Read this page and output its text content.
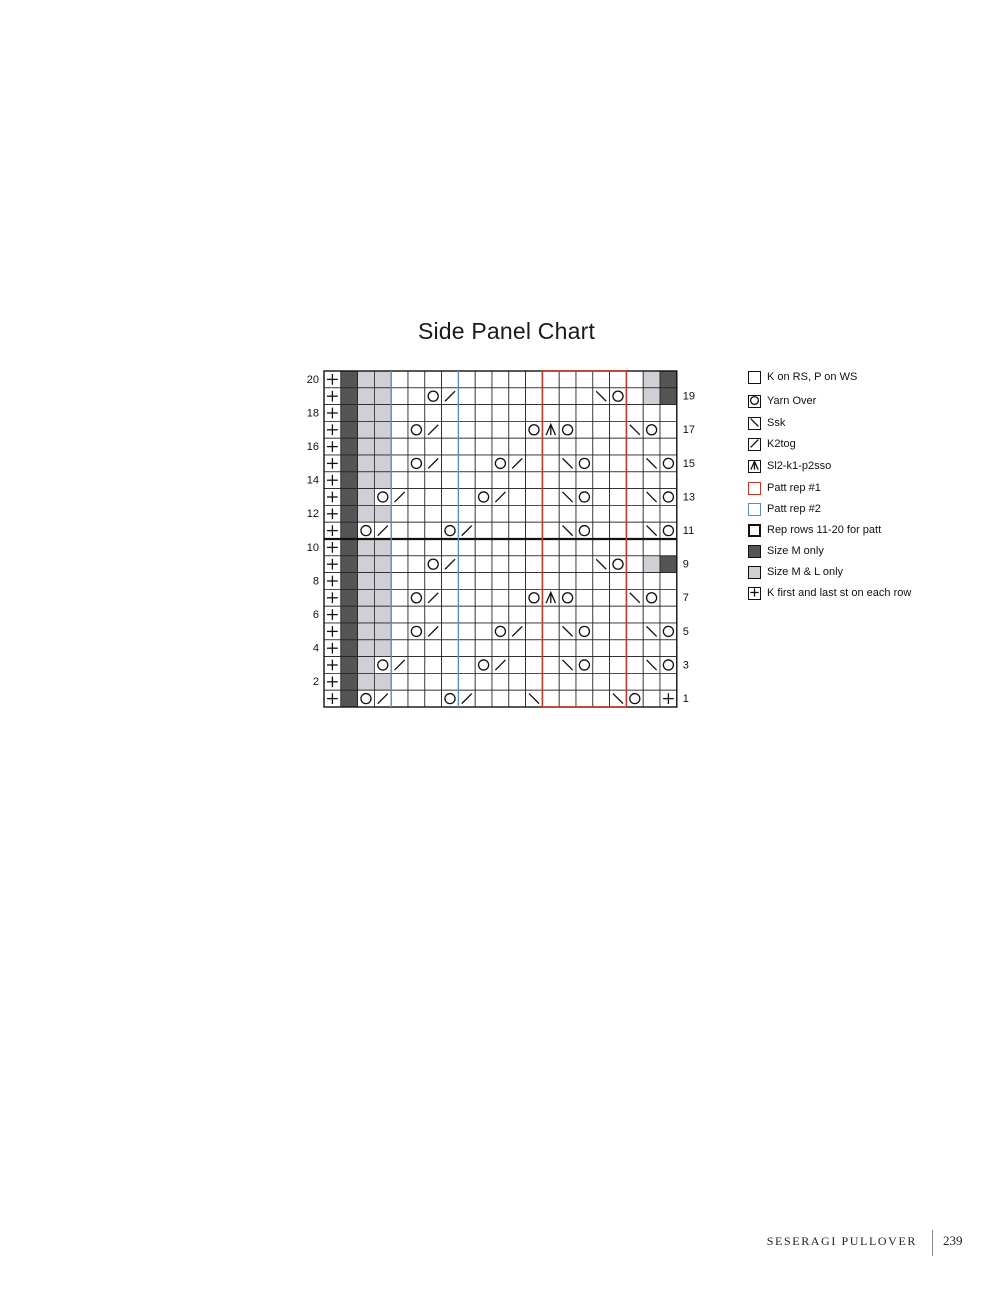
Side Panel Chart
20
18
16
14
12
10
8
6
4
2
19
17
15
13
11
9
7
5
3
1
K on RS, P on WS
Yarn Over
Ssk
K2tog
Sl2-k1-p2sso
Patt rep #1
Patt rep #2
Rep rows 11-20 for patt
Size M only
Size M & L only
K first and last st on each row
SESERAGI PULLOVER 239
